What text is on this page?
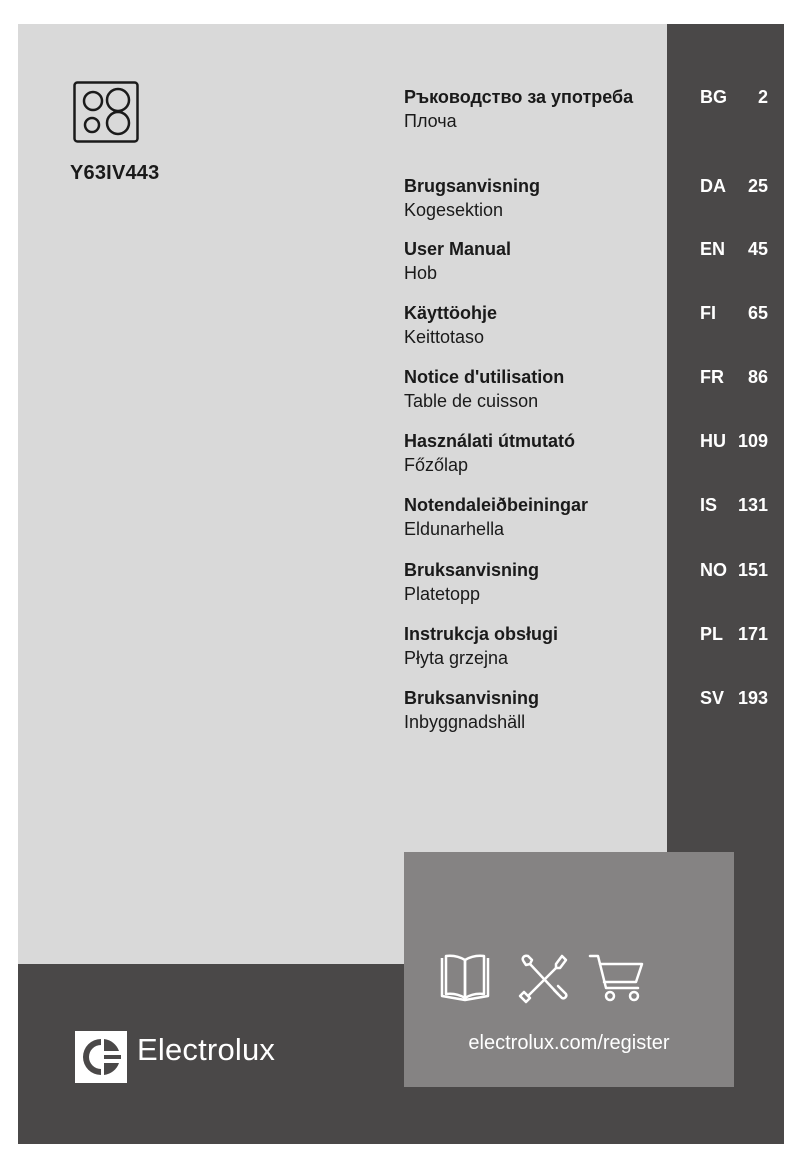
Y63IV443
Ръководство за употреба
Плоча
BG 2
Brugsanvisning
Kogesektion
DA 25
User Manual
Hob
EN 45
Käyttöohje
Keittotaso
FI 65
Notice d'utilisation
Table de cuisson
FR 86
Használati útmutató
Főzőlap
HU 109
Notendaleiðbeiningar
Eldunarhella
IS 131
Bruksanvisning
Platetopp
NO 151
Instrukcja obsługi
Płyta grzejna
PL 171
Bruksanvisning
Inbyggnadshäll
SV 193
Electrolux	electrolux.com/register
